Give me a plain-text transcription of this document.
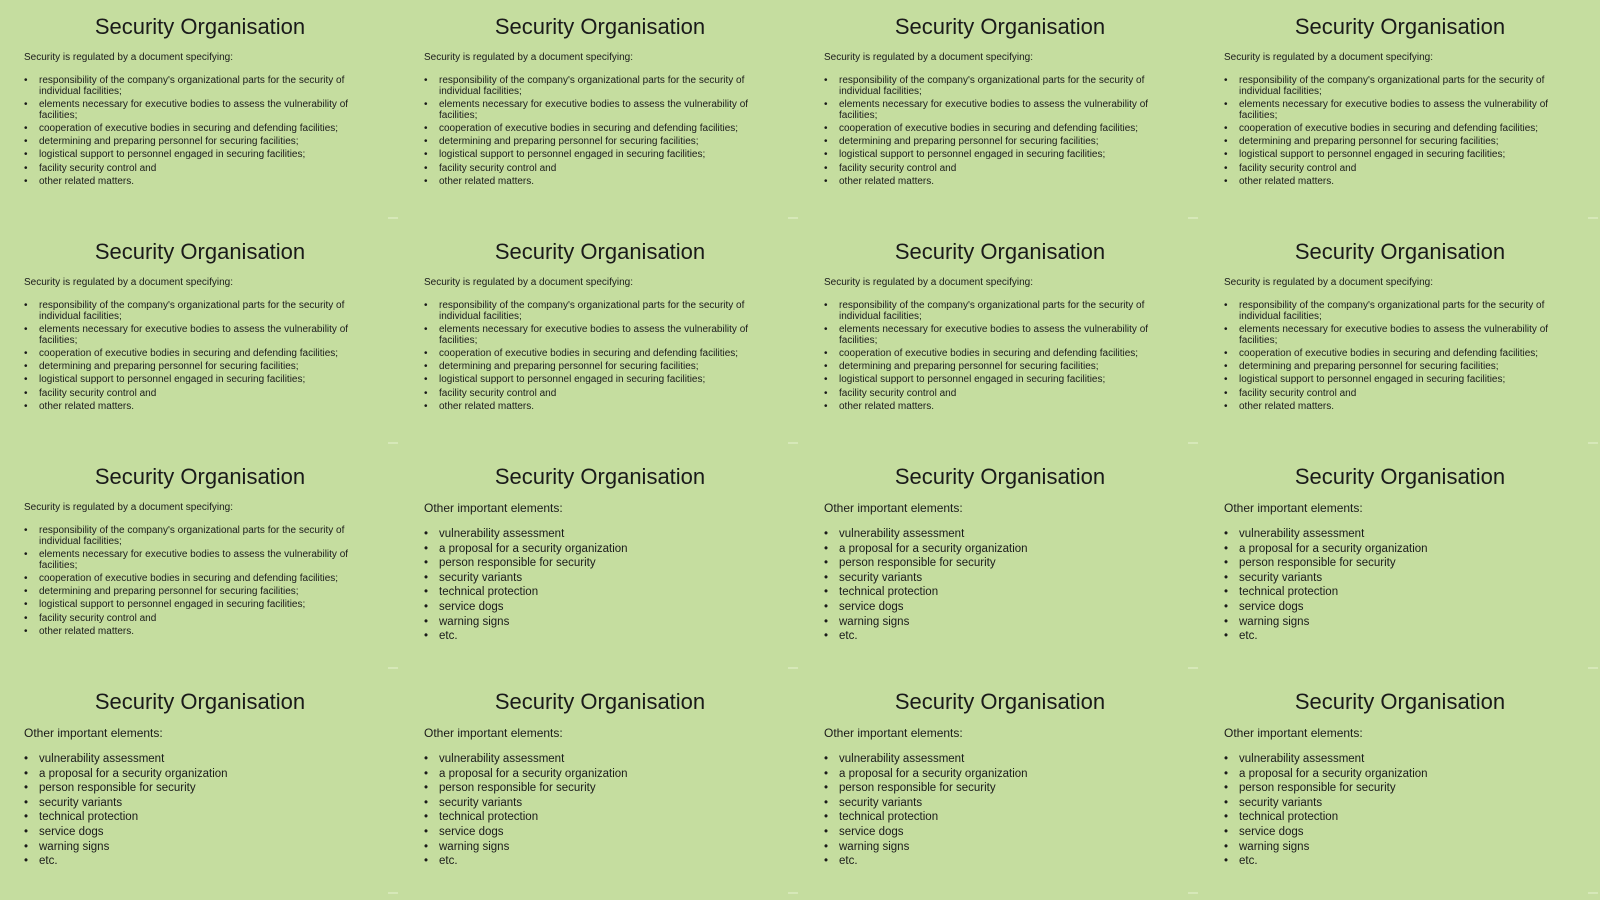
Security Organisation

Security is regulated by a document specifying:

• responsibility of the company's organizational parts for the security of individual facilities;
• elements necessary for executive bodies to assess the vulnerability of facilities;
• cooperation of executive bodies in securing and defending facilities;
• determining and preparing personnel for securing facilities;
• logistical support to personnel engaged in securing facilities;
• facility security control and
• other related matters.
Security Organisation

Security is regulated by a document specifying:

• responsibility of the company's organizational parts for the security of individual facilities;
• elements necessary for executive bodies to assess the vulnerability of facilities;
• cooperation of executive bodies in securing and defending facilities;
• determining and preparing personnel for securing facilities;
• logistical support to personnel engaged in securing facilities;
• facility security control and
• other related matters.
Security Organisation

Security is regulated by a document specifying:

• responsibility of the company's organizational parts for the security of individual facilities;
• elements necessary for executive bodies to assess the vulnerability of facilities;
• cooperation of executive bodies in securing and defending facilities;
• determining and preparing personnel for securing facilities;
• logistical support to personnel engaged in securing facilities;
• facility security control and
• other related matters.
Security Organisation

Security is regulated by a document specifying:

• responsibility of the company's organizational parts for the security of individual facilities;
• elements necessary for executive bodies to assess the vulnerability of facilities;
• cooperation of executive bodies in securing and defending facilities;
• determining and preparing personnel for securing facilities;
• logistical support to personnel engaged in securing facilities;
• facility security control and
• other related matters.
Security Organisation

Security is regulated by a document specifying:

• responsibility of the company's organizational parts for the security of individual facilities;
• elements necessary for executive bodies to assess the vulnerability of facilities;
• cooperation of executive bodies in securing and defending facilities;
• determining and preparing personnel for securing facilities;
• logistical support to personnel engaged in securing facilities;
• facility security control and
• other related matters.
Security Organisation

Security is regulated by a document specifying:

• responsibility of the company's organizational parts for the security of individual facilities;
• elements necessary for executive bodies to assess the vulnerability of facilities;
• cooperation of executive bodies in securing and defending facilities;
• determining and preparing personnel for securing facilities;
• logistical support to personnel engaged in securing facilities;
• facility security control and
• other related matters.
Security Organisation

Security is regulated by a document specifying:

• responsibility of the company's organizational parts for the security of individual facilities;
• elements necessary for executive bodies to assess the vulnerability of facilities;
• cooperation of executive bodies in securing and defending facilities;
• determining and preparing personnel for securing facilities;
• logistical support to personnel engaged in securing facilities;
• facility security control and
• other related matters.
Security Organisation

Security is regulated by a document specifying:

• responsibility of the company's organizational parts for the security of individual facilities;
• elements necessary for executive bodies to assess the vulnerability of facilities;
• cooperation of executive bodies in securing and defending facilities;
• determining and preparing personnel for securing facilities;
• logistical support to personnel engaged in securing facilities;
• facility security control and
• other related matters.
Security Organisation

Security is regulated by a document specifying:

• responsibility of the company's organizational parts for the security of individual facilities;
• elements necessary for executive bodies to assess the vulnerability of facilities;
• cooperation of executive bodies in securing and defending facilities;
• determining and preparing personnel for securing facilities;
• logistical support to personnel engaged in securing facilities;
• facility security control and
• other related matters.
Security Organisation

Other important elements:

• vulnerability assessment
• a proposal for a security organization
• person responsible for security
• security variants
• technical protection
• service dogs
• warning signs
• etc.
Security Organisation

Other important elements:

• vulnerability assessment
• a proposal for a security organization
• person responsible for security
• security variants
• technical protection
• service dogs
• warning signs
• etc.
Security Organisation

Other important elements:

• vulnerability assessment
• a proposal for a security organization
• person responsible for security
• security variants
• technical protection
• service dogs
• warning signs
• etc.
Security Organisation

Other important elements:

• vulnerability assessment
• a proposal for a security organization
• person responsible for security
• security variants
• technical protection
• service dogs
• warning signs
• etc.
Security Organisation

Other important elements:

• vulnerability assessment
• a proposal for a security organization
• person responsible for security
• security variants
• technical protection
• service dogs
• warning signs
• etc.
Security Organisation

Other important elements:

• vulnerability assessment
• a proposal for a security organization
• person responsible for security
• security variants
• technical protection
• service dogs
• warning signs
• etc.
Security Organisation

Other important elements:

• vulnerability assessment
• a proposal for a security organization
• person responsible for security
• security variants
• technical protection
• service dogs
• warning signs
• etc.
